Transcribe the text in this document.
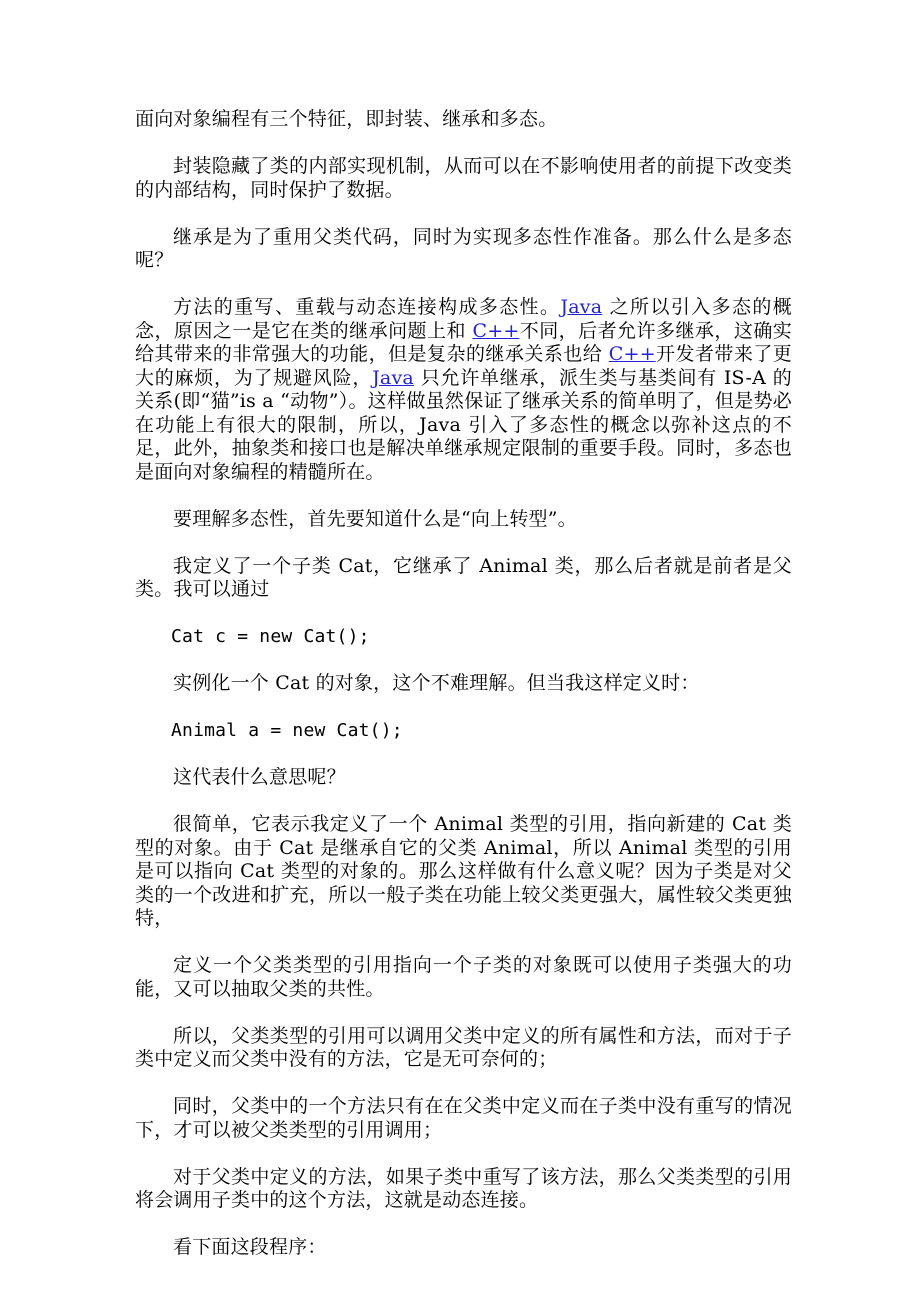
面向对象编程有三个特征，即封装、继承和多态。

封装隐藏了类的内部实现机制，从而可以在不影响使用者的前提下改变类的内部结构，同时保护了数据。

继承是为了重用父类代码，同时为实现多态性作准备。那么什么是多态呢？

方法的重写、重载与动态连接构成多态性。Java 之所以引入多态的概念，原因之一是它在类的继承问题上和 C++不同，后者允许多继承，这确实给其带来的非常强大的功能，但是复杂的继承关系也给 C++开发者带来了更大的麻烦，为了规避风险，Java 只允许单继承，派生类与基类间有 IS-A 的关系(即“猫”is a “动物”）。这样做虽然保证了继承关系的简单明了，但是势必在功能上有很大的限制，所以，Java 引入了多态性的概念以弥补这点的不足，此外，抽象类和接口也是解决单继承规定限制的重要手段。同时，多态也是面向对象编程的精髓所在。

要理解多态性，首先要知道什么是“向上转型”。

我定义了一个子类 Cat，它继承了 Animal 类，那么后者就是前者是父类。我可以通过

Cat c = new Cat();

实例化一个 Cat 的对象，这个不难理解。但当我这样定义时：

Animal a = new Cat();

这代表什么意思呢？

很简单，它表示我定义了一个 Animal 类型的引用，指向新建的 Cat 类型的对象。由于 Cat 是继承自它的父类 Animal，所以 Animal 类型的引用是可以指向 Cat 类型的对象的。那么这样做有什么意义呢？因为子类是对父类的一个改进和扩充，所以一般子类在功能上较父类更强大，属性较父类更独特，

定义一个父类类型的引用指向一个子类的对象既可以使用子类强大的功能，又可以抽取父类的共性。

所以，父类类型的引用可以调用父类中定义的所有属性和方法，而对于子类中定义而父类中没有的方法，它是无可奈何的；

同时，父类中的一个方法只有在在父类中定义而在子类中没有重写的情况下，才可以被父类类型的引用调用；

对于父类中定义的方法，如果子类中重写了该方法，那么父类类型的引用将会调用子类中的这个方法，这就是动态连接。

看下面这段程序：
